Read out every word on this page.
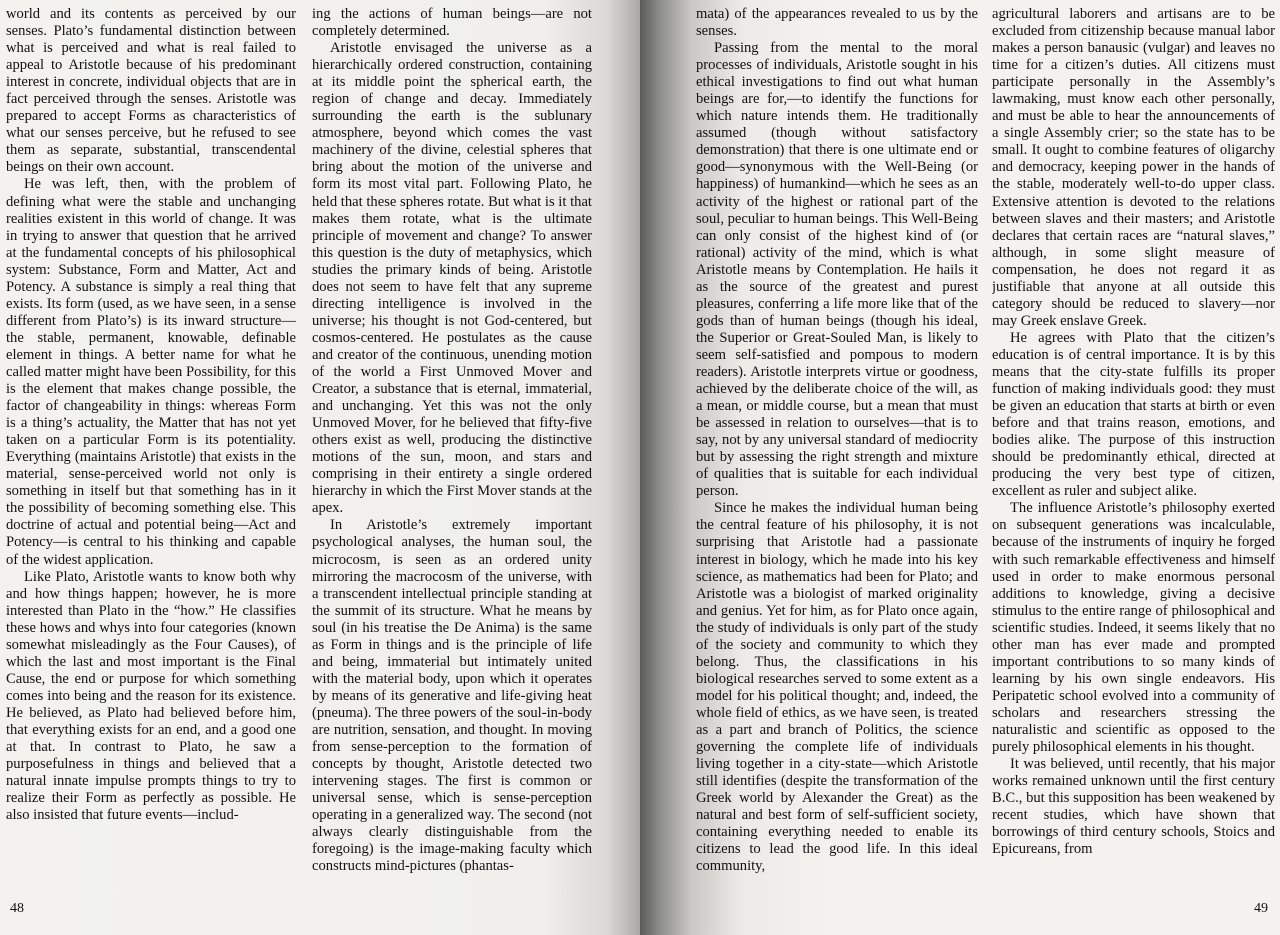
world and its contents as perceived by our senses. Plato’s fundamental distinction between what is perceived and what is real failed to appeal to Aristotle because of his predominant interest in concrete, individual objects that are in fact perceived through the senses. Aristotle was prepared to accept Forms as characteristics of what our senses perceive, but he refused to see them as separate, substantial, transcendental beings on their own account.

He was left, then, with the problem of defining what were the stable and unchanging realities existent in this world of change. It was in trying to answer that question that he arrived at the fundamental concepts of his philosophical system: Substance, Form and Matter, Act and Potency. A substance is simply a real thing that exists. Its form (used, as we have seen, in a sense different from Plato’s) is its inward structure—the stable, permanent, knowable, definable element in things. A better name for what he called matter might have been Possibility, for this is the element that makes change possible, the factor of changeability in things: whereas Form is a thing’s actuality, the Matter that has not yet taken on a particular Form is its potentiality. Everything (maintains Aristotle) that exists in the material, sense-perceived world not only is something in itself but that something has in it the possibility of becoming something else. This doctrine of actual and potential being—Act and Potency—is central to his thinking and capable of the widest application.

Like Plato, Aristotle wants to know both why and how things happen; however, he is more interested than Plato in the “how.” He classifies these hows and whys into four categories (known somewhat misleadingly as the Four Causes), of which the last and most important is the Final Cause, the end or purpose for which something comes into being and the reason for its existence. He believed, as Plato had believed before him, that everything exists for an end, and a good one at that. In contrast to Plato, he saw a purposefulness in things and believed that a natural innate impulse prompts things to try to realize their Form as perfectly as possible. He also insisted that future events—includ-

ing the actions of human beings—are not completely determined.

Aristotle envisaged the universe as a hierarchically ordered construction, containing at its middle point the spherical earth, the region of change and decay. Immediately surrounding the earth is the sublunary atmosphere, beyond which comes the vast machinery of the divine, celestial spheres that bring about the motion of the universe and form its most vital part. Following Plato, he held that these spheres rotate. But what is it that makes them rotate, what is the ultimate principle of movement and change? To answer this question is the duty of metaphysics, which studies the primary kinds of being. Aristotle does not seem to have felt that any supreme directing intelligence is involved in the universe; his thought is not God-centered, but cosmos-centered. He postulates as the cause and creator of the continuous, unending motion of the world a First Unmoved Mover and Creator, a substance that is eternal, immaterial, and unchanging. Yet this was not the only Unmoved Mover, for he believed that fifty-five others exist as well, producing the distinctive motions of the sun, moon, and stars and comprising in their entirety a single ordered hierarchy in which the First Mover stands at the apex.

In Aristotle’s extremely important psychological analyses, the human soul, the microcosm, is seen as an ordered unity mirroring the macrocosm of the universe, with a transcendent intellectual principle standing at the summit of its structure. What he means by soul (in his treatise the De Anima) is the same as Form in things and is the principle of life and being, immaterial but intimately united with the material body, upon which it operates by means of its generative and life-giving heat (pneuma). The three powers of the soul-in-body are nutrition, sensation, and thought. In moving from sense-perception to the formation of concepts by thought, Aristotle detected two intervening stages. The first is common or universal sense, which is sense-perception operating in a generalized way. The second (not always clearly distinguishable from the foregoing) is the image-making faculty which constructs mind-pictures (phantas-

48

mata) of the appearances revealed to us by the senses.

Passing from the mental to the moral processes of individuals, Aristotle sought in his ethical investigations to find out what human beings are for,—to identify the functions for which nature intends them. He traditionally assumed (though without satisfactory demonstration) that there is one ultimate end or good—synonymous with the Well-Being (or happiness) of humankind—which he sees as an activity of the highest or rational part of the soul, peculiar to human beings. This Well-Being can only consist of the highest kind of (or rational) activity of the mind, which is what Aristotle means by Contemplation. He hails it as the source of the greatest and purest pleasures, conferring a life more like that of the gods than of human beings (though his ideal, the Superior or Great-Souled Man, is likely to seem self-satisfied and pompous to modern readers). Aristotle interprets virtue or goodness, achieved by the deliberate choice of the will, as a mean, or middle course, but a mean that must be assessed in relation to ourselves—that is to say, not by any universal standard of mediocrity but by assessing the right strength and mixture of qualities that is suitable for each individual person.

Since he makes the individual human being the central feature of his philosophy, it is not surprising that Aristotle had a passionate interest in biology, which he made into his key science, as mathematics had been for Plato; and Aristotle was a biologist of marked originality and genius. Yet for him, as for Plato once again, the study of individuals is only part of the study of the society and community to which they belong. Thus, the classifications in his biological researches served to some extent as a model for his political thought; and, indeed, the whole field of ethics, as we have seen, is treated as a part and branch of Politics, the science governing the complete life of individuals living together in a city-state—which Aristotle still identifies (despite the transformation of the Greek world by Alexander the Great) as the natural and best form of self-sufficient society, containing everything needed to enable its citizens to lead the good life. In this ideal community,

agricultural laborers and artisans are to be excluded from citizenship because manual labor makes a person banausic (vulgar) and leaves no time for a citizen’s duties. All citizens must participate personally in the Assembly’s lawmaking, must know each other personally, and must be able to hear the announcements of a single Assembly crier; so the state has to be small. It ought to combine features of oligarchy and democracy, keeping power in the hands of the stable, moderately well-to-do upper class. Extensive attention is devoted to the relations between slaves and their masters; and Aristotle declares that certain races are “natural slaves,” although, in some slight measure of compensation, he does not regard it as justifiable that anyone at all outside this category should be reduced to slavery—nor may Greek enslave Greek.

He agrees with Plato that the citizen’s education is of central importance. It is by this means that the city-state fulfills its proper function of making individuals good: they must be given an education that starts at birth or even before and that trains reason, emotions, and bodies alike. The purpose of this instruction should be predominantly ethical, directed at producing the very best type of citizen, excellent as ruler and subject alike.

The influence Aristotle’s philosophy exerted on subsequent generations was incalculable, because of the instruments of inquiry he forged with such remarkable effectiveness and himself used in order to make enormous personal additions to knowledge, giving a decisive stimulus to the entire range of philosophical and scientific studies. Indeed, it seems likely that no other man has ever made and prompted important contributions to so many kinds of learning by his own single endeavors. His Peripatetic school evolved into a community of scholars and researchers stressing the naturalistic and scientific as opposed to the purely philosophical elements in his thought.

It was believed, until recently, that his major works remained unknown until the first century B.C., but this supposition has been weakened by recent studies, which have shown that borrowings of third century schools, Stoics and Epicureans, from

49
